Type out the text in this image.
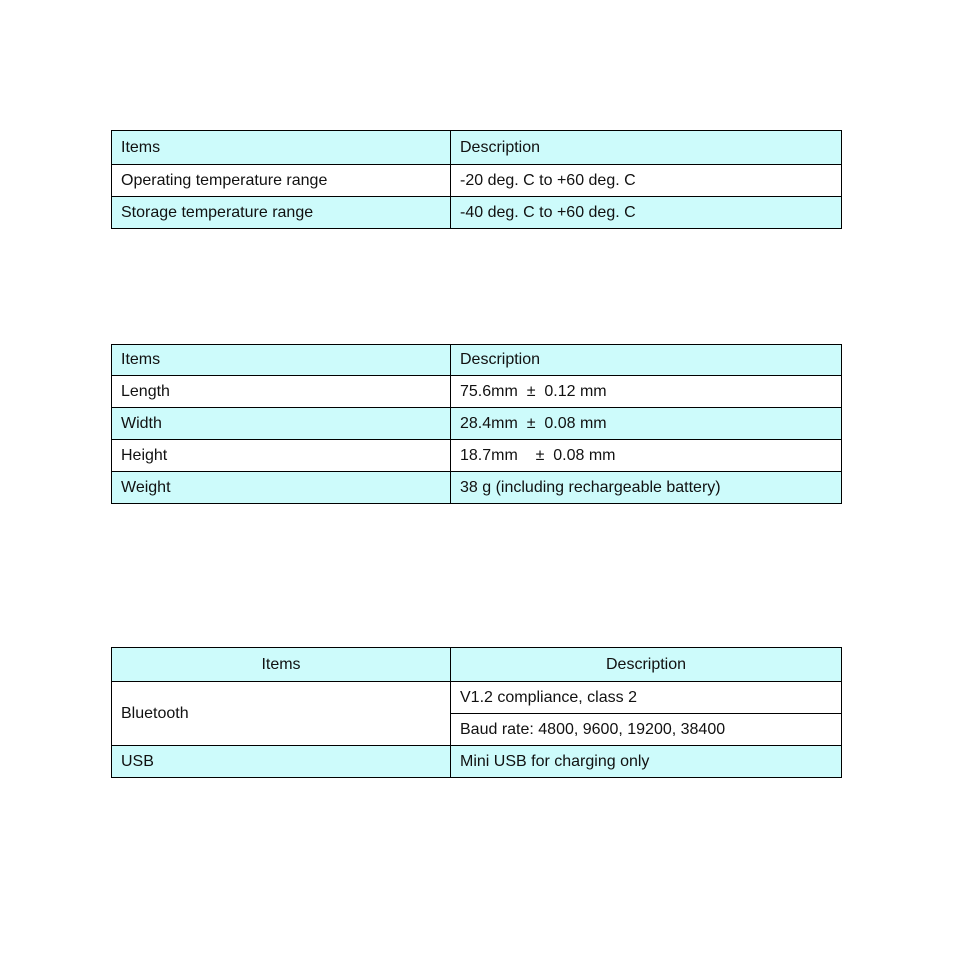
Items	Description
Operating temperature range	-20 deg. C to +60 deg. C
Storage temperature range	-40 deg. C to +60 deg. C
Items	Description
Length	75.6mm  ±  0.12 mm
Width	28.4mm  ±  0.08 mm
Height	18.7mm    ±  0.08 mm
Weight	38 g (including rechargeable battery)
Items	Description
Bluetooth	V1.2 compliance, class 2
	Baud rate: 4800, 9600, 19200, 38400
USB	Mini USB for charging only
